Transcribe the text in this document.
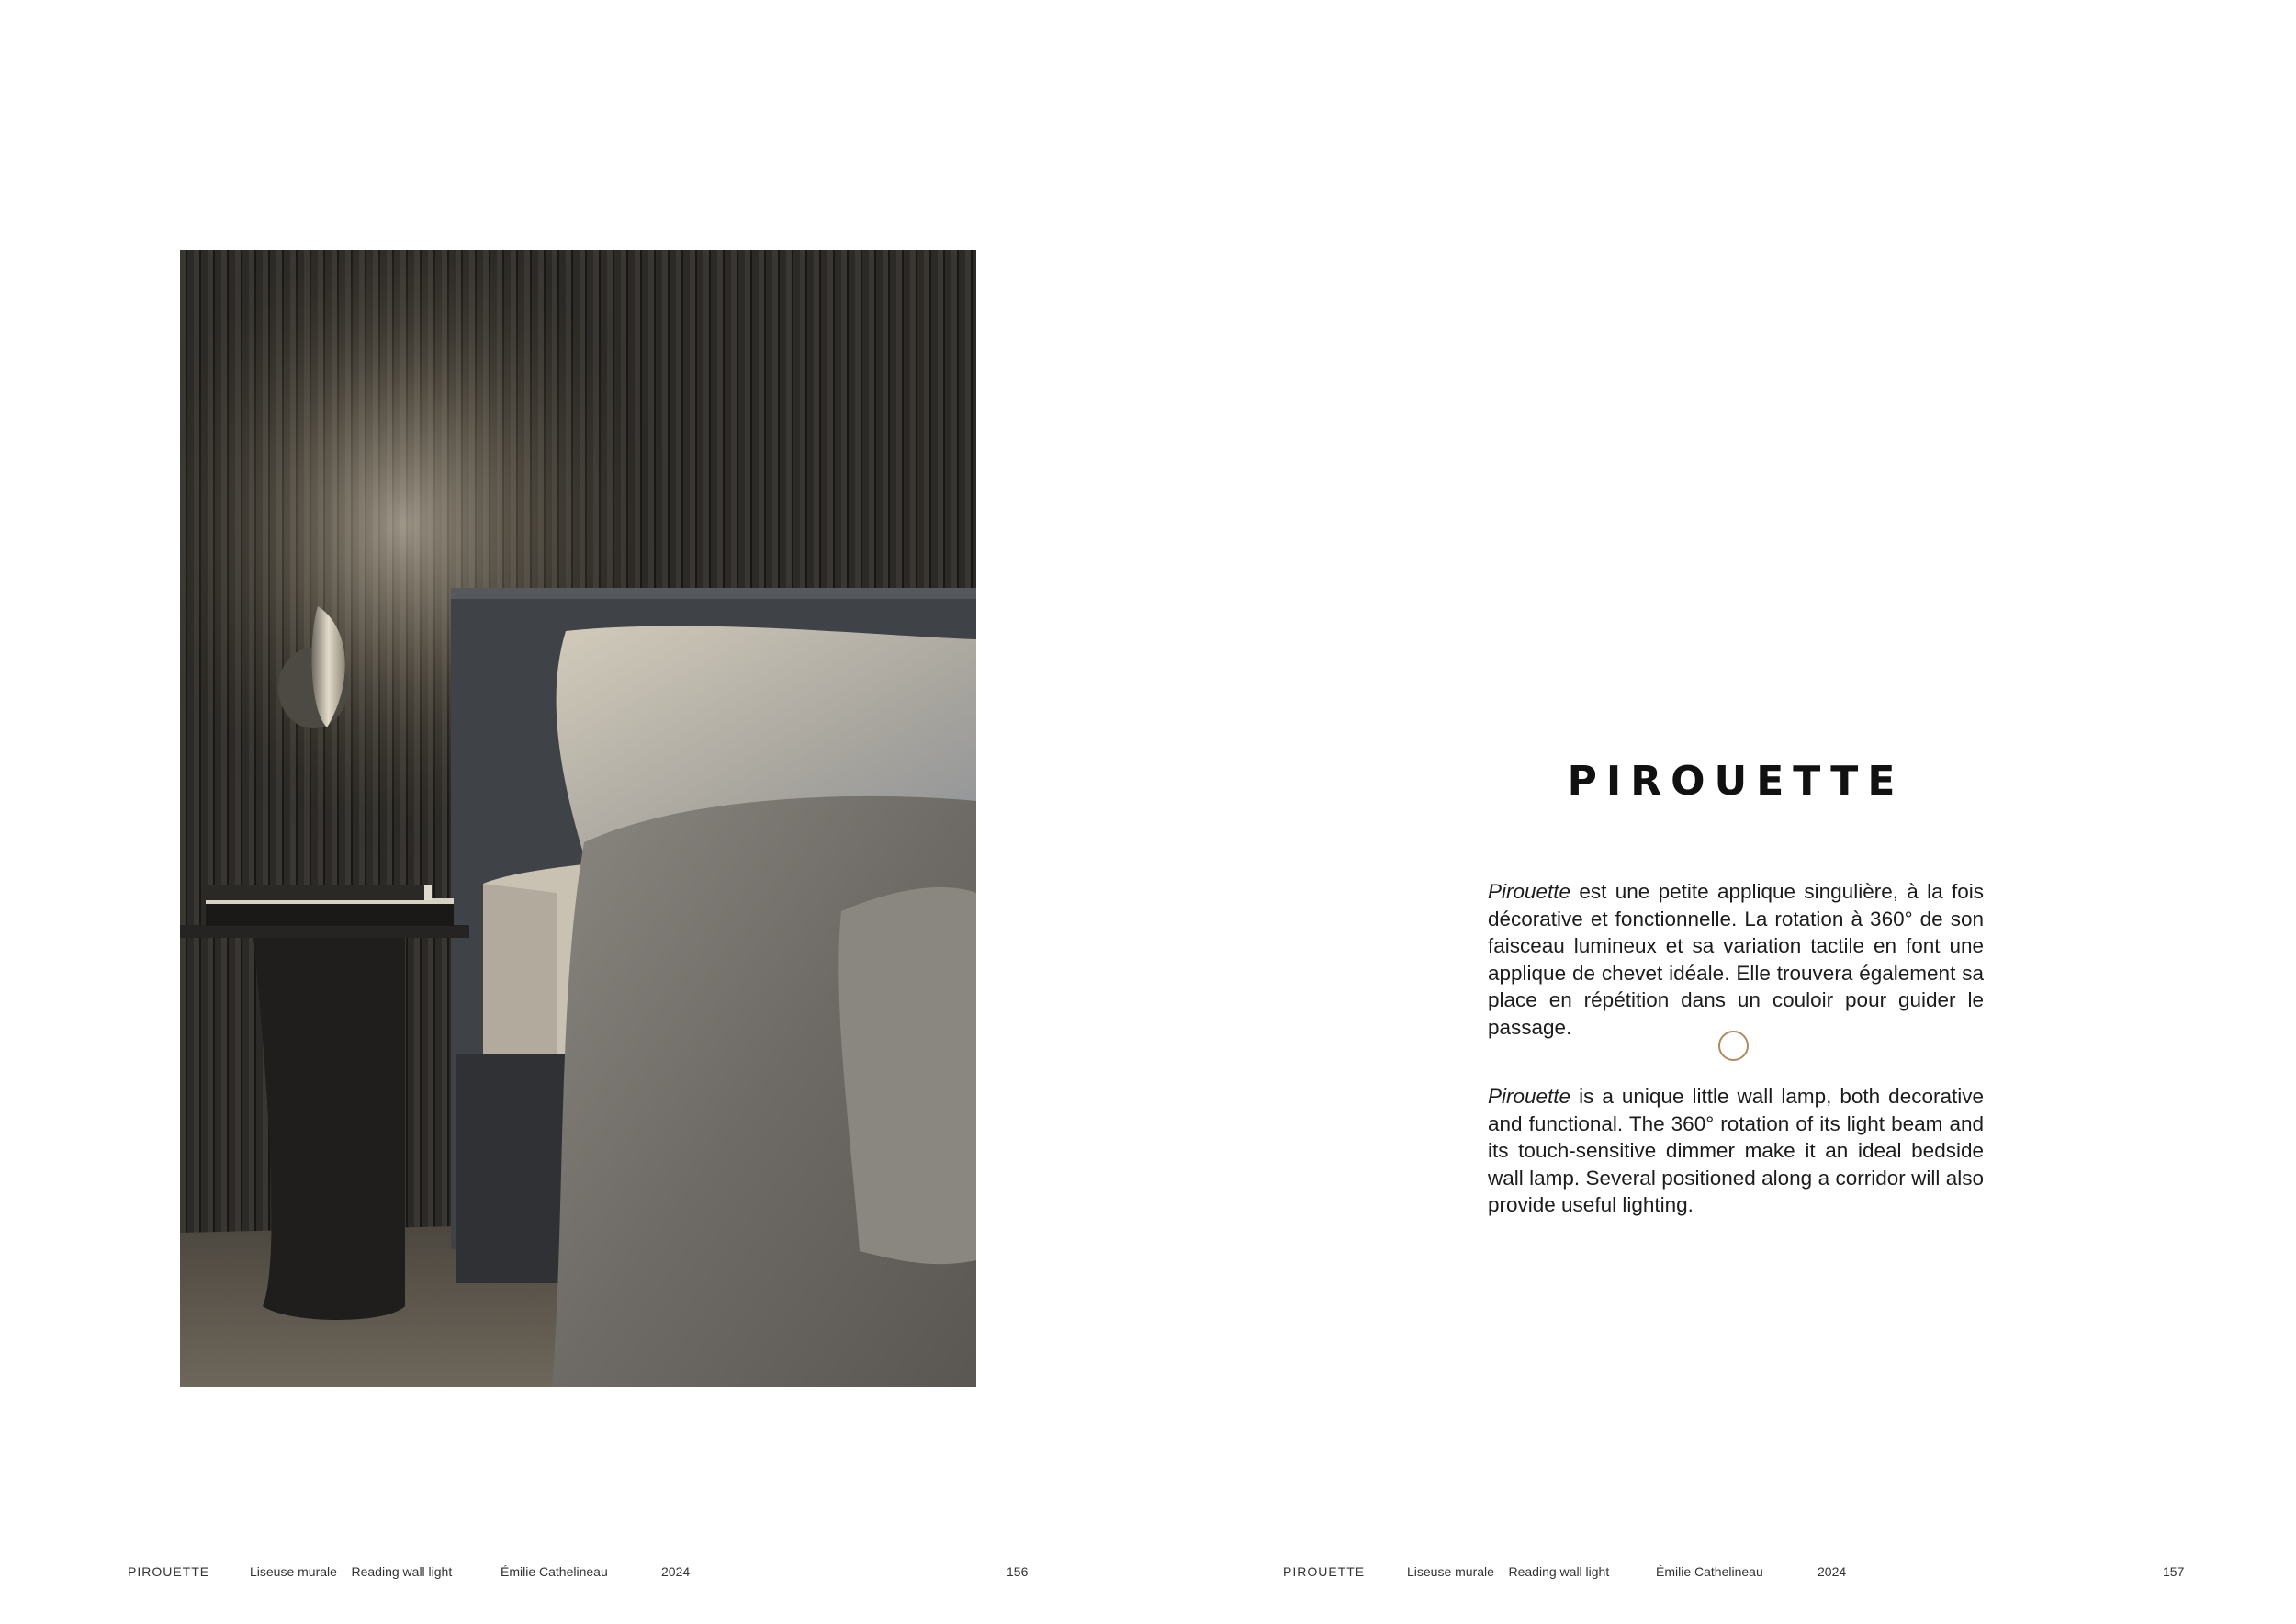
PIROUETTE	Liseuse murale – Reading wall light	Émilie Cathelineau	2024	156
PIROUETTE

Pirouette est une petite applique singulière, à la fois décorative et fonctionnelle. La rotation à 360° de son faisceau lumineux et sa variation tactile en font une applique de chevet idéale. Elle trouvera également sa place en répétition dans un couloir pour guider le passage.

Pirouette is a unique little wall lamp, both decorative and functional. The 360° rotation of its light beam and its touch-sensitive dimmer make it an ideal bedside wall lamp. Several positioned along a corridor will also provide useful lighting.

PIROUETTE	Liseuse murale – Reading wall light	Émilie Cathelineau	2024	157
